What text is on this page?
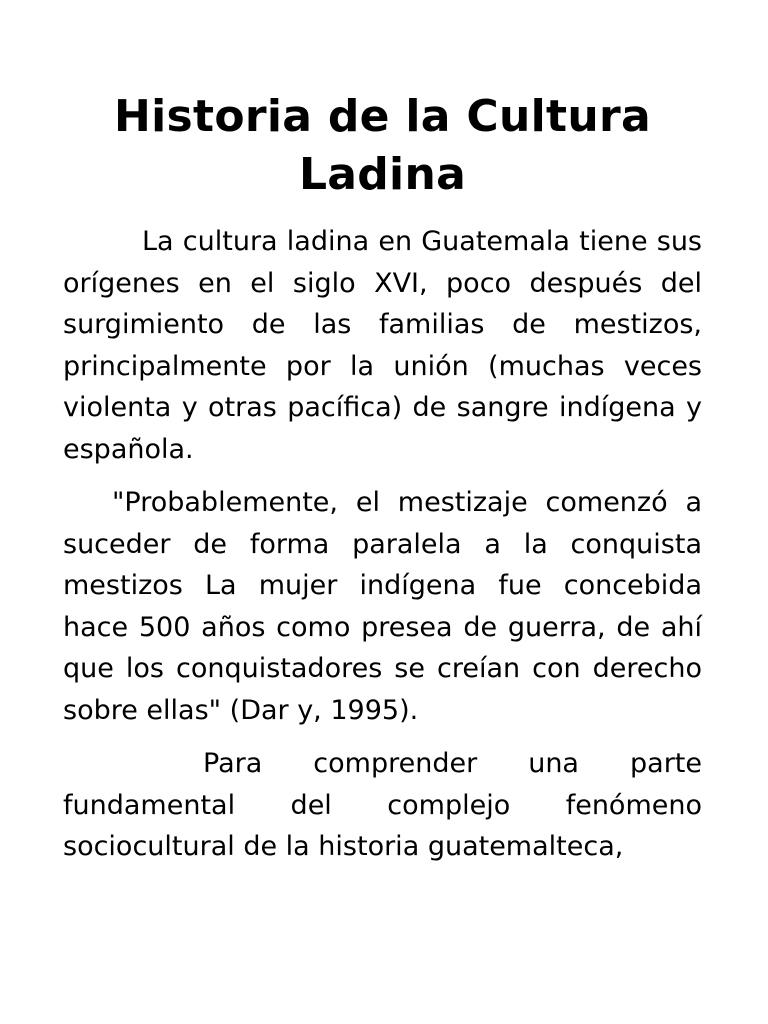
Historia de la Cultura Ladina

La cultura ladina en Guatemala tiene sus orígenes en el siglo XVI, poco después del surgimiento de las familias de mestizos, principalmente por la unión (muchas veces violenta y otras pacífica) de sangre indígena y española.

"Probablemente, el mestizaje comenzó a suceder de forma paralela a la conquista mestizos La mujer indígena fue concebida hace 500 años como presea de guerra, de ahí que los conquistadores se creían con derecho sobre ellas" (Dar y, 1995).

Para comprender una parte fundamental del complejo fenómeno sociocultural de la historia guatemalteca,
